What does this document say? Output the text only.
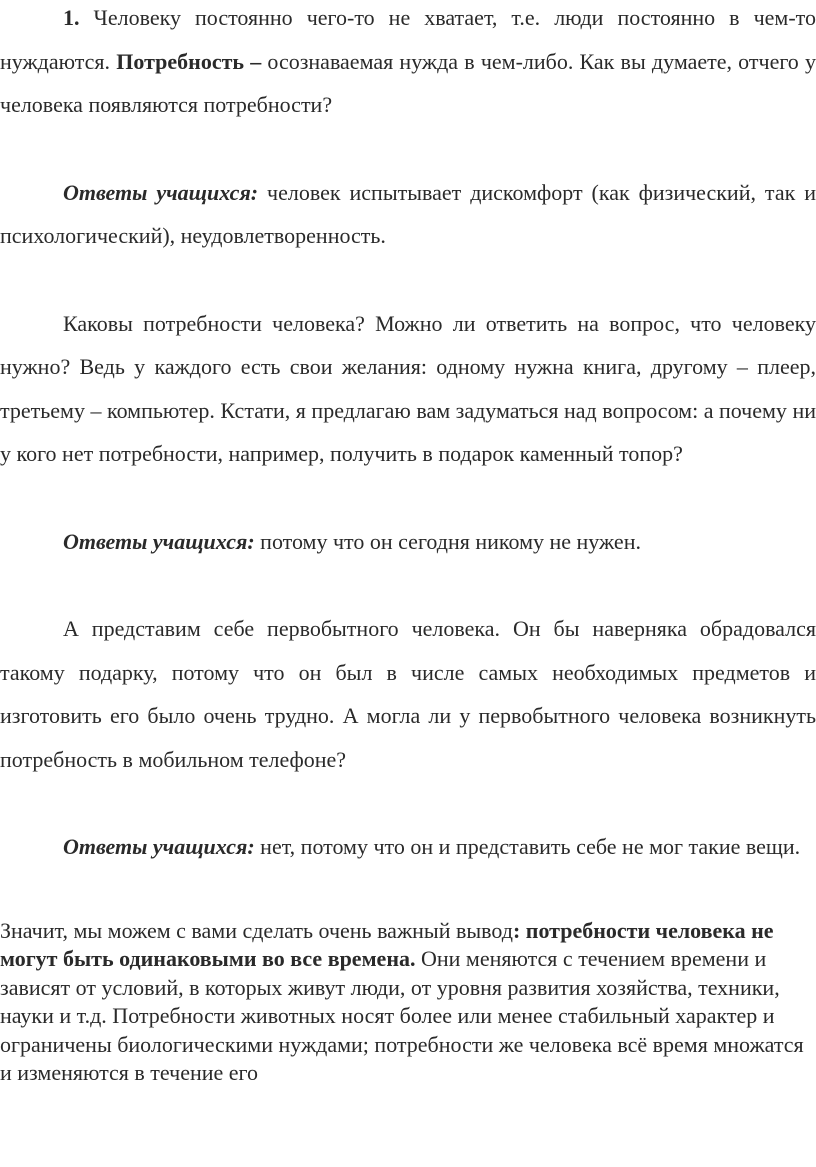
1. Человеку постоянно чего-то не хватает, т.е. люди постоянно в чем-то нуждаются. Потребность – осознаваемая нужда в чем-либо. Как вы думаете, отчего у человека появляются потребности?

Ответы учащихся: человек испытывает дискомфорт (как физический, так и психологический), неудовлетворенность.

Каковы потребности человека? Можно ли ответить на вопрос, что человеку нужно? Ведь у каждого есть свои желания: одному нужна книга, другому – плеер, третьему – компьютер. Кстати, я предлагаю вам задуматься над вопросом: а почему ни у кого нет потребности, например, получить в подарок каменный топор?

Ответы учащихся: потому что он сегодня никому не нужен.

А представим себе первобытного человека. Он бы наверняка обрадовался такому подарку, потому что он был в числе самых необходимых предметов и изготовить его было очень трудно. А могла ли у первобытного человека возникнуть потребность в мобильном телефоне?

Ответы учащихся: нет, потому что он и представить себе не мог такие вещи.

Значит, мы можем с вами сделать очень важный вывод: потребности человека не могут быть одинаковыми во все времена. Они меняются с течением времени и зависят от условий, в которых живут люди, от уровня развития хозяйства, техники, науки и т.д. Потребности животных носят более или менее стабильный характер и ограничены биологическими нуждами; потребности же человека всё время множатся и изменяются в течение его
